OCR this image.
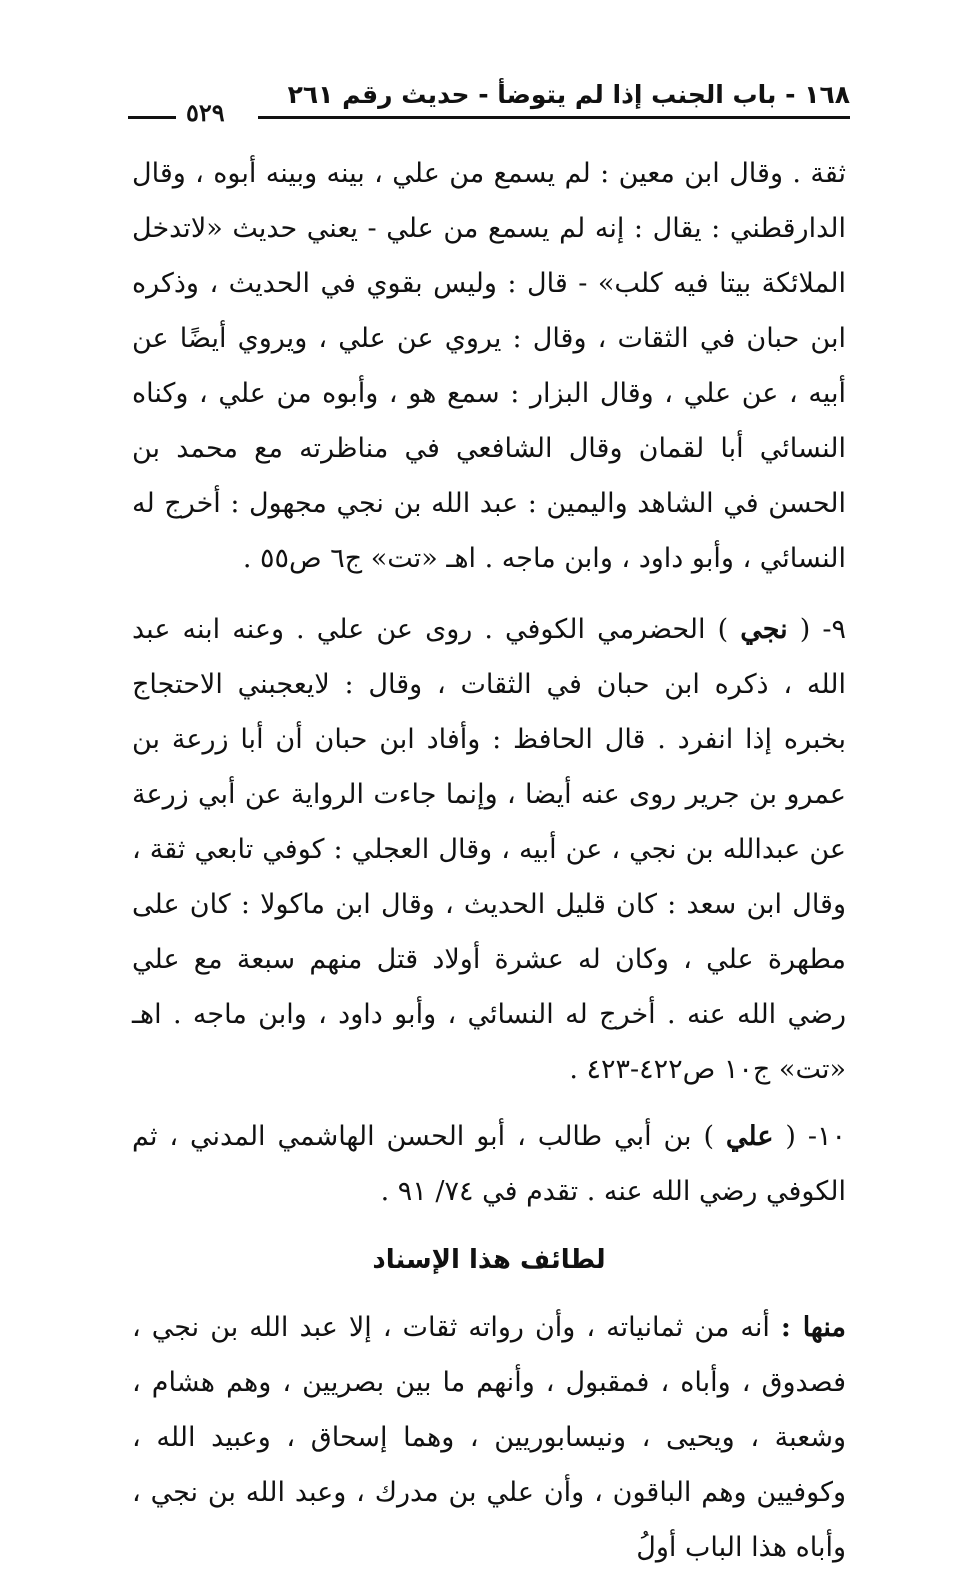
١٦٨ - باب الجنب إذا لم يتوضأ - حديث رقم ٢٦١
٥٢٩

ثقة . وقال ابن معين : لم يسمع من علي ، بينه وبينه أبوه ، وقال الدارقطني : يقال : إنه لم يسمع من علي - يعني حديث «لاتدخل الملائكة بيتا فيه كلب» - قال : وليس بقوي في الحديث ، وذكره ابن حبان في الثقات ، وقال : يروي عن علي ، ويروي أيضًا عن أبيه ، عن علي ، وقال البزار : سمع هو ، وأبوه من علي ، وكناه النسائي أبا لقمان وقال الشافعي في مناظرته مع محمد بن الحسن في الشاهد واليمين : عبد الله بن نجي مجهول : أخرج له النسائي ، وأبو داود ، وابن ماجه . اهـ «تت» ج٦ ص٥٥ .

٩- ( نجي ) الحضرمي الكوفي . روى عن علي . وعنه ابنه عبد الله ، ذكره ابن حبان في الثقات ، وقال : لايعجبني الاحتجاج بخبره إذا انفرد . قال الحافظ : وأفاد ابن حبان أن أبا زرعة بن عمرو بن جرير روى عنه أيضا ، وإنما جاءت الرواية عن أبي زرعة عن عبدالله بن نجي ، عن أبيه ، وقال العجلي : كوفي تابعي ثقة ، وقال ابن سعد : كان قليل الحديث ، وقال ابن ماكولا : كان على مطهرة علي ، وكان له عشرة أولاد قتل منهم سبعة مع علي رضي الله عنه . أخرج له النسائي ، وأبو داود ، وابن ماجه . اهـ «تت» ج١٠ ص٤٢٢-٤٢٣ .

١٠- ( علي ) بن أبي طالب ، أبو الحسن الهاشمي المدني ، ثم الكوفي رضي الله عنه . تقدم في ٧٤/ ٩١ .

لطائف هذا الإسناد

منها : أنه من ثمانياته ، وأن رواته ثقات ، إلا عبد الله بن نجي ، فصدوق ، وأباه ، فمقبول ، وأنهم ما بين بصريين ، وهم هشام ، وشعبة ، ويحيى ، ونيسابوريين ، وهما إسحاق ، وعبيد الله ، وكوفيين وهم الباقون ، وأن علي بن مدرك ، وعبد الله بن نجي ، وأباه هذا الباب أولُ
